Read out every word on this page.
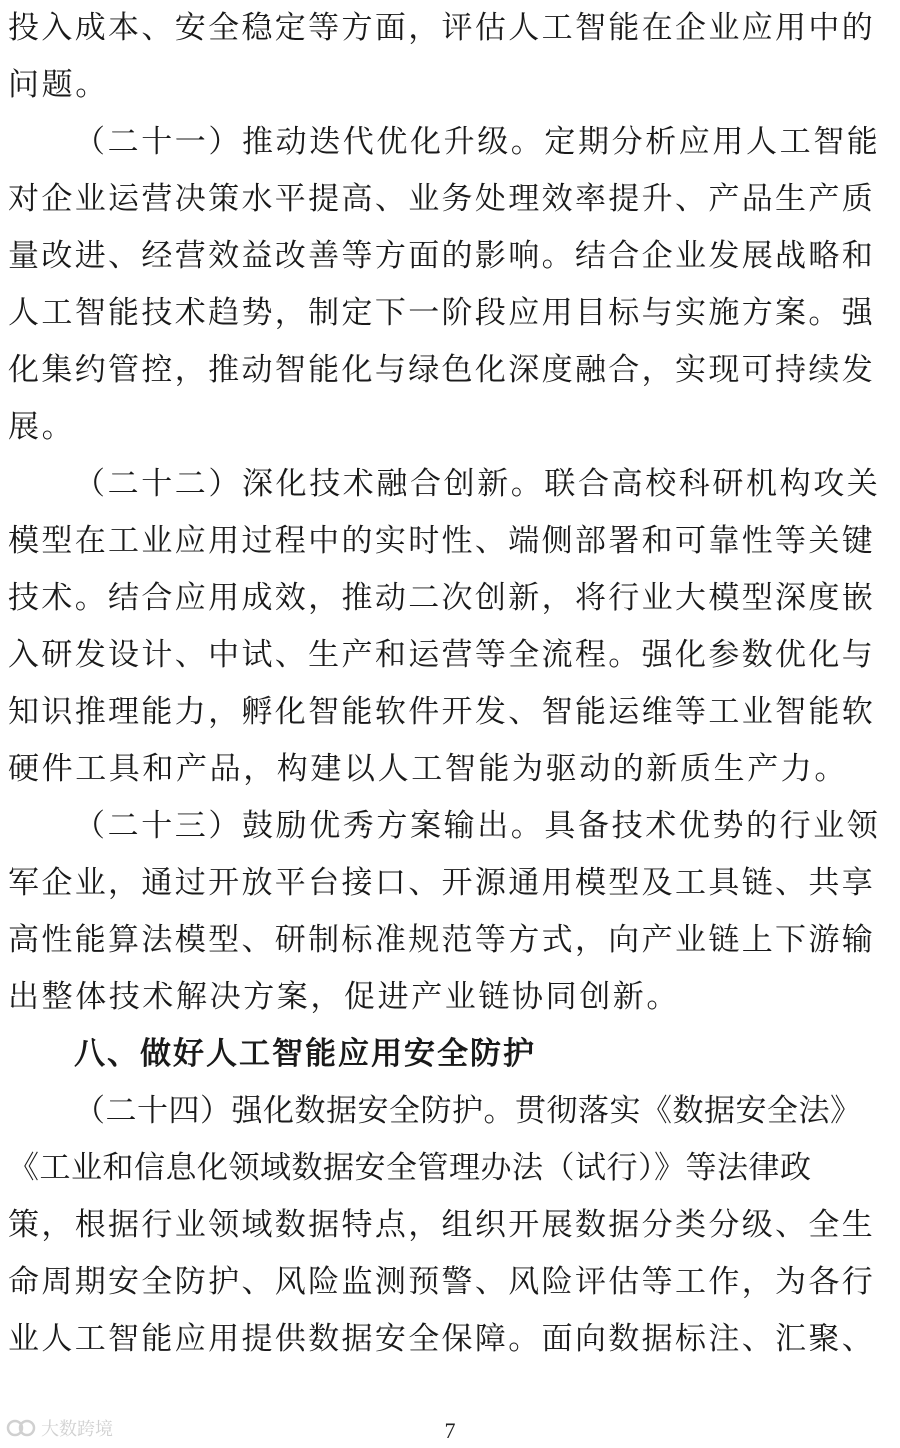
投入成本、安全稳定等方面，评估人工智能在企业应用中的
问题。
（二十一）推动迭代优化升级。定期分析应用人工智能
对企业运营决策水平提高、业务处理效率提升、产品生产质
量改进、经营效益改善等方面的影响。结合企业发展战略和
人工智能技术趋势，制定下一阶段应用目标与实施方案。强
化集约管控，推动智能化与绿色化深度融合，实现可持续发
展。
（二十二）深化技术融合创新。联合高校科研机构攻关
模型在工业应用过程中的实时性、端侧部署和可靠性等关键
技术。结合应用成效，推动二次创新，将行业大模型深度嵌
入研发设计、中试、生产和运营等全流程。强化参数优化与
知识推理能力，孵化智能软件开发、智能运维等工业智能软
硬件工具和产品，构建以人工智能为驱动的新质生产力。
（二十三）鼓励优秀方案输出。具备技术优势的行业领
军企业，通过开放平台接口、开源通用模型及工具链、共享
高性能算法模型、研制标准规范等方式，向产业链上下游输
出整体技术解决方案，促进产业链协同创新。
八、做好人工智能应用安全防护
（二十四）强化数据安全防护。贯彻落实《数据安全法》
《工业和信息化领域数据安全管理办法（试行）》等法律政
策，根据行业领域数据特点，组织开展数据分类分级、全生
命周期安全防护、风险监测预警、风险评估等工作，为各行
业人工智能应用提供数据安全保障。面向数据标注、汇聚、
7
大数跨境
